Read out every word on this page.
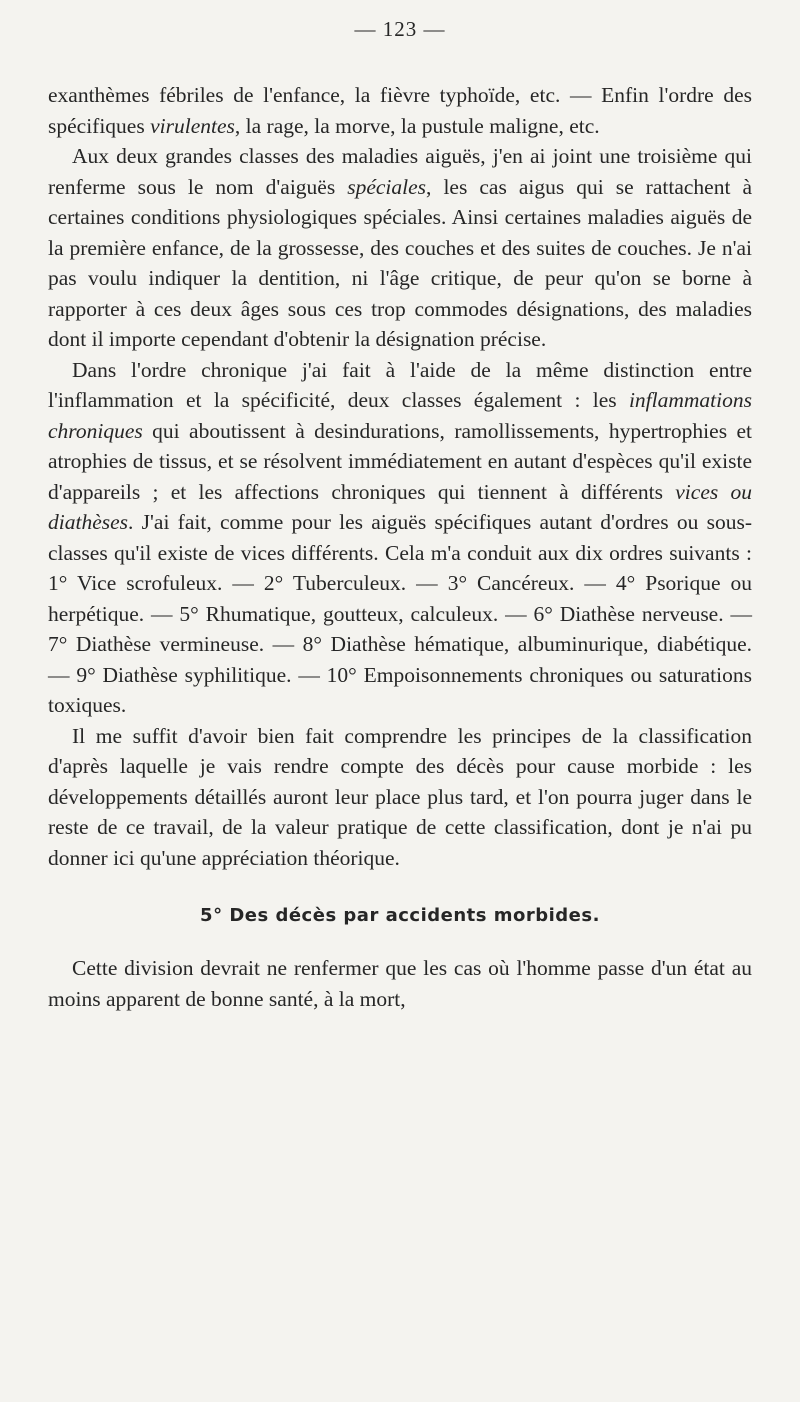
— 123 —

exanthèmes fébriles de l'enfance, la fièvre typhoïde, etc. — Enfin l'ordre des spécifiques virulentes, la rage, la morve, la pustule maligne, etc.

Aux deux grandes classes des maladies aiguës, j'en ai joint une troisième qui renferme sous le nom d'aiguës spéciales, les cas aigus qui se rattachent à certaines conditions physiologiques spéciales. Ainsi certaines maladies aiguës de la première enfance, de la grossesse, des couches et des suites de couches. Je n'ai pas voulu indiquer la dentition, ni l'âge critique, de peur qu'on se borne à rapporter à ces deux âges sous ces trop commodes désignations, des maladies dont il importe cependant d'obtenir la désignation précise.

Dans l'ordre chronique j'ai fait à l'aide de la même distinction entre l'inflammation et la spécificité, deux classes également : les inflammations chroniques qui aboutissent à desindurations, ramollissements, hypertrophies et atrophies de tissus, et se résolvent immédiatement en autant d'espèces qu'il existe d'appareils ; et les affections chroniques qui tiennent à différents vices ou diathèses. J'ai fait, comme pour les aiguës spécifiques autant d'ordres ou sous-classes qu'il existe de vices différents. Cela m'a conduit aux dix ordres suivants : 1° Vice scrofuleux. — 2° Tuberculeux. — 3° Cancéreux. — 4° Psorique ou herpétique. — 5° Rhumatique, goutteux, calculeux. — 6° Diathèse nerveuse. — 7° Diathèse vermineuse. — 8° Diathèse hématique, albuminurique, diabétique. — 9° Diathèse syphilitique. — 10° Empoisonnements chroniques ou saturations toxiques.

Il me suffit d'avoir bien fait comprendre les principes de la classification d'après laquelle je vais rendre compte des décès pour cause morbide : les développements détaillés auront leur place plus tard, et l'on pourra juger dans le reste de ce travail, de la valeur pratique de cette classification, dont je n'ai pu donner ici qu'une appréciation théorique.

5° Des décès par accidents morbides.

Cette division devrait ne renfermer que les cas où l'homme passe d'un état au moins apparent de bonne santé, à la mort,
